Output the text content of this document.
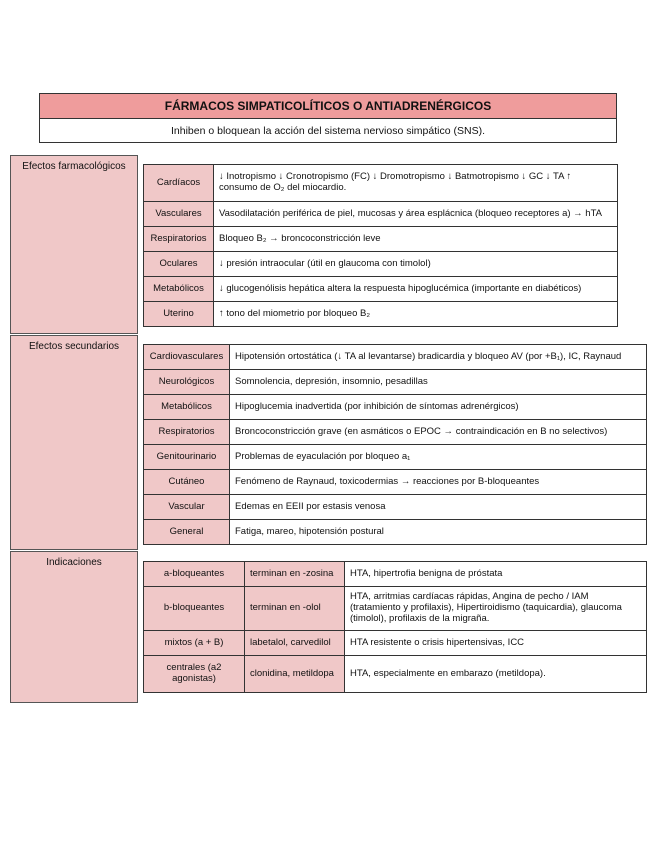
FÁRMACOS SIMPATICOLÍTICOS O ANTIADRENÉRGICOS
Inhiben o bloquean la acción del sistema nervioso simpático (SNS).
Efectos farmacológicos
Cardíacos	↓ Inotropismo ↓ Cronotropismo (FC) ↓ Dromotropismo ↓ Batmotropismo ↓ GC ↓ TA ↑ consumo de O₂ del miocardio.
Vasculares	Vasodilatación periférica de piel, mucosas y área esplácnica (bloqueo receptores a) → hTA
Respiratorios	Bloqueo B₂ → broncoconstricción leve
Oculares	↓ presión intraocular (útil en glaucoma con timolol)
Metabólicos	↓ glucogenólisis hepática altera la respuesta hipoglucémica (importante en diabéticos)
Uterino	↑ tono del miometrio por bloqueo B₂
Efectos secundarios
Cardiovasculares	Hipotensión ortostática (↓ TA al levantarse) bradicardia y bloqueo AV (por +B₁), IC, Raynaud
Neurológicos	Somnolencia, depresión, insomnio, pesadillas
Metabólicos	Hipoglucemia inadvertida (por inhibición de síntomas adrenérgicos)
Respiratorios	Broncoconstricción grave (en asmáticos o EPOC → contraindicación en B no selectivos)
Genitourinario	Problemas de eyaculación por bloqueo a₁
Cutáneo	Fenómeno de Raynaud, toxicodermias → reacciones por B-bloqueantes
Vascular	Edemas en EEII por estasis venosa
General	Fatiga, mareo, hipotensión postural
Indicaciones
a-bloqueantes	terminan en -zosina	HTA, hipertrofia benigna de próstata
b-bloqueantes	terminan en -olol	HTA, arritmias cardíacas rápidas, Angina de pecho / IAM (tratamiento y profilaxis), Hipertiroidismo (taquicardia), glaucoma (timolol), profilaxis de la migraña.
mixtos (a + B)	labetalol, carvedilol	HTA resistente o crisis hipertensivas, ICC
centrales (a2 agonistas)	clonidina, metildopa	HTA, especialmente en embarazo (metildopa).
